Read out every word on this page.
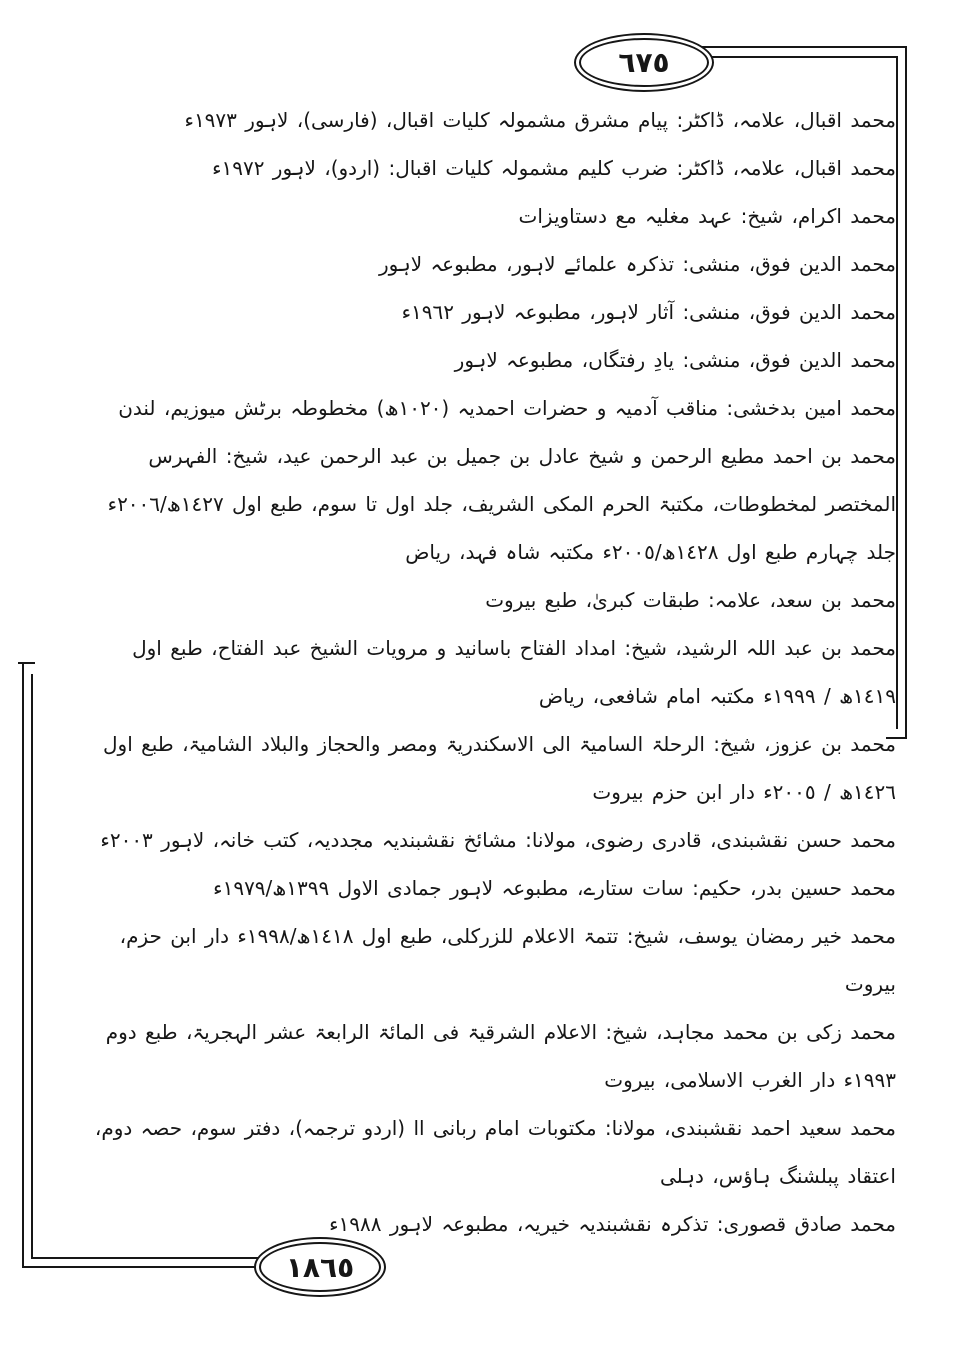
٦٧٥
١٨٦٥

محمد اقبال، علامہ، ڈاکٹر: پیام مشرق مشمولہ کلیات اقبال، (فارسی)، لاہور ١٩٧٣ء

محمد اقبال، علامہ، ڈاکٹر: ضرب کلیم مشمولہ کلیات اقبال: (اردو)، لاہور ١٩٧٢ء

محمد اکرام، شیخ: عہد مغلیہ مع دستاویزات

محمد الدین فوق، منشی: تذکرہ علمائے لاہور، مطبوعہ لاہور

محمد الدین فوق، منشی: آثار لاہور، مطبوعہ لاہور ١٩٦٢ء

محمد الدین فوق، منشی: یادِ رفتگاں، مطبوعہ لاہور

محمد امین بدخشی: مناقب آدمیہ و حضرات احمدیہ (١٠٢٠ھ) مخطوطہ برٹش میوزیم، لندن

محمد بن احمد مطیع الرحمن و شیخ عادل بن جمیل بن عبد الرحمن عید، شیخ: الفہرس المختصر لمخطوطات، مکتبۃ الحرم المکی الشریف، جلد اول تا سوم، طبع اول ١٤٢٧ھ/٢٠٠٦ء جلد چہارم طبع اول ١٤٢٨ھ/٢٠٠٥ء مکتبہ شاہ فہد، ریاض

محمد بن سعد، علامہ: طبقات کبریٰ، طبع بیروت

محمد بن عبد اللہ الرشید، شیخ: امداد الفتاح باسانید و مرویات الشیخ عبد الفتاح، طبع اول ١٤١٩ھ / ١٩٩٩ء مکتبہ امام شافعی، ریاض

محمد بن عزوز، شیخ: الرحلۃ السامیۃ الی الاسکندریۃ ومصر والحجاز والبلاد الشامیۃ، طبع اول ١٤٢٦ھ / ٢٠٠٥ء دار ابن حزم بیروت

محمد حسن نقشبندی، قادری رضوی، مولانا: مشائخ نقشبندیہ مجددیہ، کتب خانہ، لاہور ٢٠٠٣ء

محمد حسین بدر، حکیم: سات ستارے، مطبوعہ لاہور جمادی الاول ١٣٩٩ھ/١٩٧٩ء

محمد خیر رمضان یوسف، شیخ: تتمۃ الاعلام للزرکلی، طبع اول ١٤١٨ھ/١٩٩٨ء دار ابن حزم، بیروت

محمد زکی بن محمد مجاہد، شیخ: الاعلام الشرقیۃ فی المائۃ الرابعۃ عشر الہجریۃ، طبع دوم ١٩٩٣ء دار الغرب الاسلامی، بیروت

محمد سعید احمد نقشبندی، مولانا: مکتوبات امام ربانی اا (اردو ترجمہ)، دفتر سوم، حصہ دوم، اعتقاد پبلشنگ ہاؤس، دہلی

محمد صادق قصوری: تذکرہ نقشبندیہ خیریہ، مطبوعہ لاہور ١٩٨٨ء
